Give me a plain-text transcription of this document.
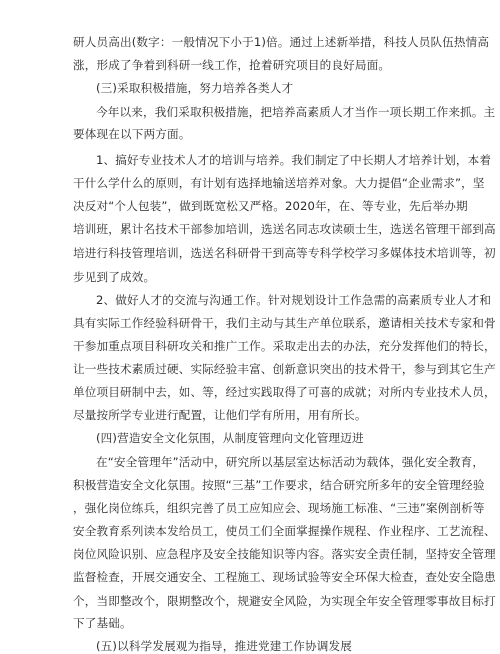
研人员高出(数字：一般情况下小于1)倍。通过上述新举措，科技人员队伍热情高
涨，形成了争着到科研一线工作，抢着研究项目的良好局面。
(三)采取积极措施，努力培养各类人才
今年以来，我们采取积极措施，把培养高素质人才当作一项长期工作来抓。主
要体现在以下两方面。
1、搞好专业技术人才的培训与培养。我们制定了中长期人才培养计划，本着
干什么学什么的原则，有计划有选择地输送培养对象。大力提倡“企业需求”，坚
决反对“个人包装”，做到既宽松又严格。2020年，在、等专业，先后举办期
培训班，累计名技术干部参加培训，选送名同志攻读硕士生，选送名管理干部到高
培进行科技管理培训，选送名科研骨干到高等专科学校学习多媒体技术培训等，初
步见到了成效。
2、做好人才的交流与沟通工作。针对规划设计工作急需的高素质专业人才和
具有实际工作经验科研骨干，我们主动与其生产单位联系，邀请相关技术专家和骨
干参加重点项目科研攻关和推广工作。采取走出去的办法，充分发挥他们的特长，
让一些技术素质过硬、实际经验丰富、创新意识突出的技术骨干，参与到其它生产
单位项目研制中去，如、等，经过实践取得了可喜的成就；对所内专业技术人员，
尽量按所学专业进行配置，让他们学有所用，用有所长。
(四)营造安全文化氛围，从制度管理向文化管理迈进
在“安全管理年”活动中，研究所以基层室达标活动为载体，强化安全教育，
积极营造安全文化氛围。按照“三基”工作要求，结合研究所多年的安全管理经验
，强化岗位练兵，组织完善了员工应知应会、现场施工标准、“三违”案例剖析等
安全教育系列读本发给员工，使员工们全面掌握操作规程、作业程序、工艺流程、
岗位风险识别、应急程序及安全技能知识等内容。落实安全责任制，坚持安全管理
监督检查，开展交通安全、工程施工、现场试验等安全环保大检查，查处安全隐患
个，当即整改个，限期整改个，规避安全风险，为实现全年安全管理零事故目标打
下了基础。
(五)以科学发展观为指导，推进党建工作协调发展
